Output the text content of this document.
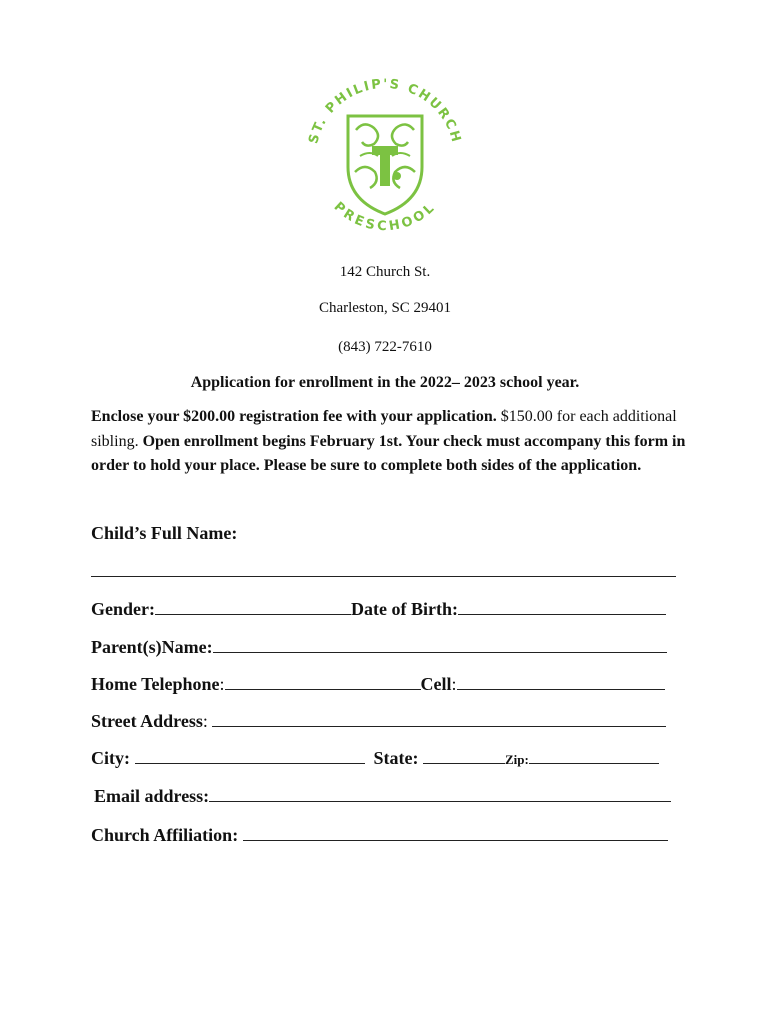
ST. PHILIP'S CHURCH
PRESCHOOL
142 Church St.
Charleston, SC 29401
(843) 722-7610
Application for enrollment in the 2022– 2023 school year.
Enclose your $200.00 registration fee with your application. $150.00 for each additional sibling. Open enrollment begins February 1st. Your check must accompany this form in order to hold your place. Please be sure to complete both sides of the application.
Child’s Full Name:
Gender:	Date of Birth:
Parent(s)Name:
Home Telephone:	Cell:
Street Address:
City:	State:	Zip:
Email address:
Church Affiliation:
